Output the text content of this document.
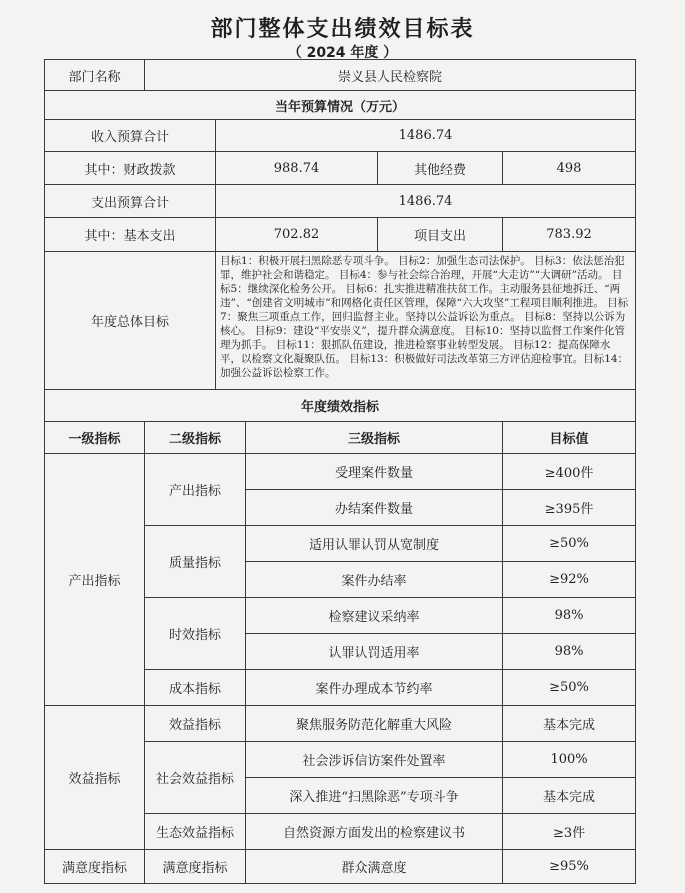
部门整体支出绩效目标表
（ 2024 年度 ）
部门名称	崇义县人民检察院				
当年预算情况（万元）					
收入预算合计		1486.74			
其中：财政拨款		988.74		其他经费	498
支出预算合计		1486.74			
其中：基本支出		702.82		项目支出	783.92
年度总体目标		目标1：积极开展扫黑除恶专项斗争。 目标2：加强生态司法保护。 目标3：依法惩治犯罪，维护社会和谐稳定。 目标4：参与社会综合治理，开展“大走访”“大调研”活动。 目标5：继续深化检务公开。 目标6：扎实推进精准扶贫工作。主动服务县征地拆迁、“两违”、“创建省文明城市”和网格化责任区管理，保障“六大攻坚”工程项目顺利推进。 目标7：聚焦三项重点工作，回归监督主业。坚持以公益诉讼为重点。 目标8：坚持以公诉为核心。 目标9：建设“平安崇义”，提升群众满意度。 目标10：坚持以监督工作案件化管理为抓手。 目标11：狠抓队伍建设，推进检察事业转型发展。 目标12：提高保障水平，以检察文化凝聚队伍。 目标13：积极做好司法改革第三方评估迎检事宜。目标14：加强公益诉讼检察工作。			
年度绩效指标					
一级指标	二级指标		三级指标		目标值
产出指标	产出指标		受理案件数量		≥400件
			办结案件数量		≥395件
	质量指标		适用认罪认罚从宽制度		≥50%
			案件办结率		≥92%
	时效指标		检察建议采纳率		98%
			认罪认罚适用率		98%
	成本指标		案件办理成本节约率		≥50%
效益指标	效益指标		聚焦服务防范化解重大风险		基本完成
	社会效益指标		社会涉诉信访案件处置率		100%
			深入推进“扫黑除恶”专项斗争		基本完成
	生态效益指标		自然资源方面发出的检察建议书		≥3件
满意度指标	满意度指标		群众满意度		≥95%
